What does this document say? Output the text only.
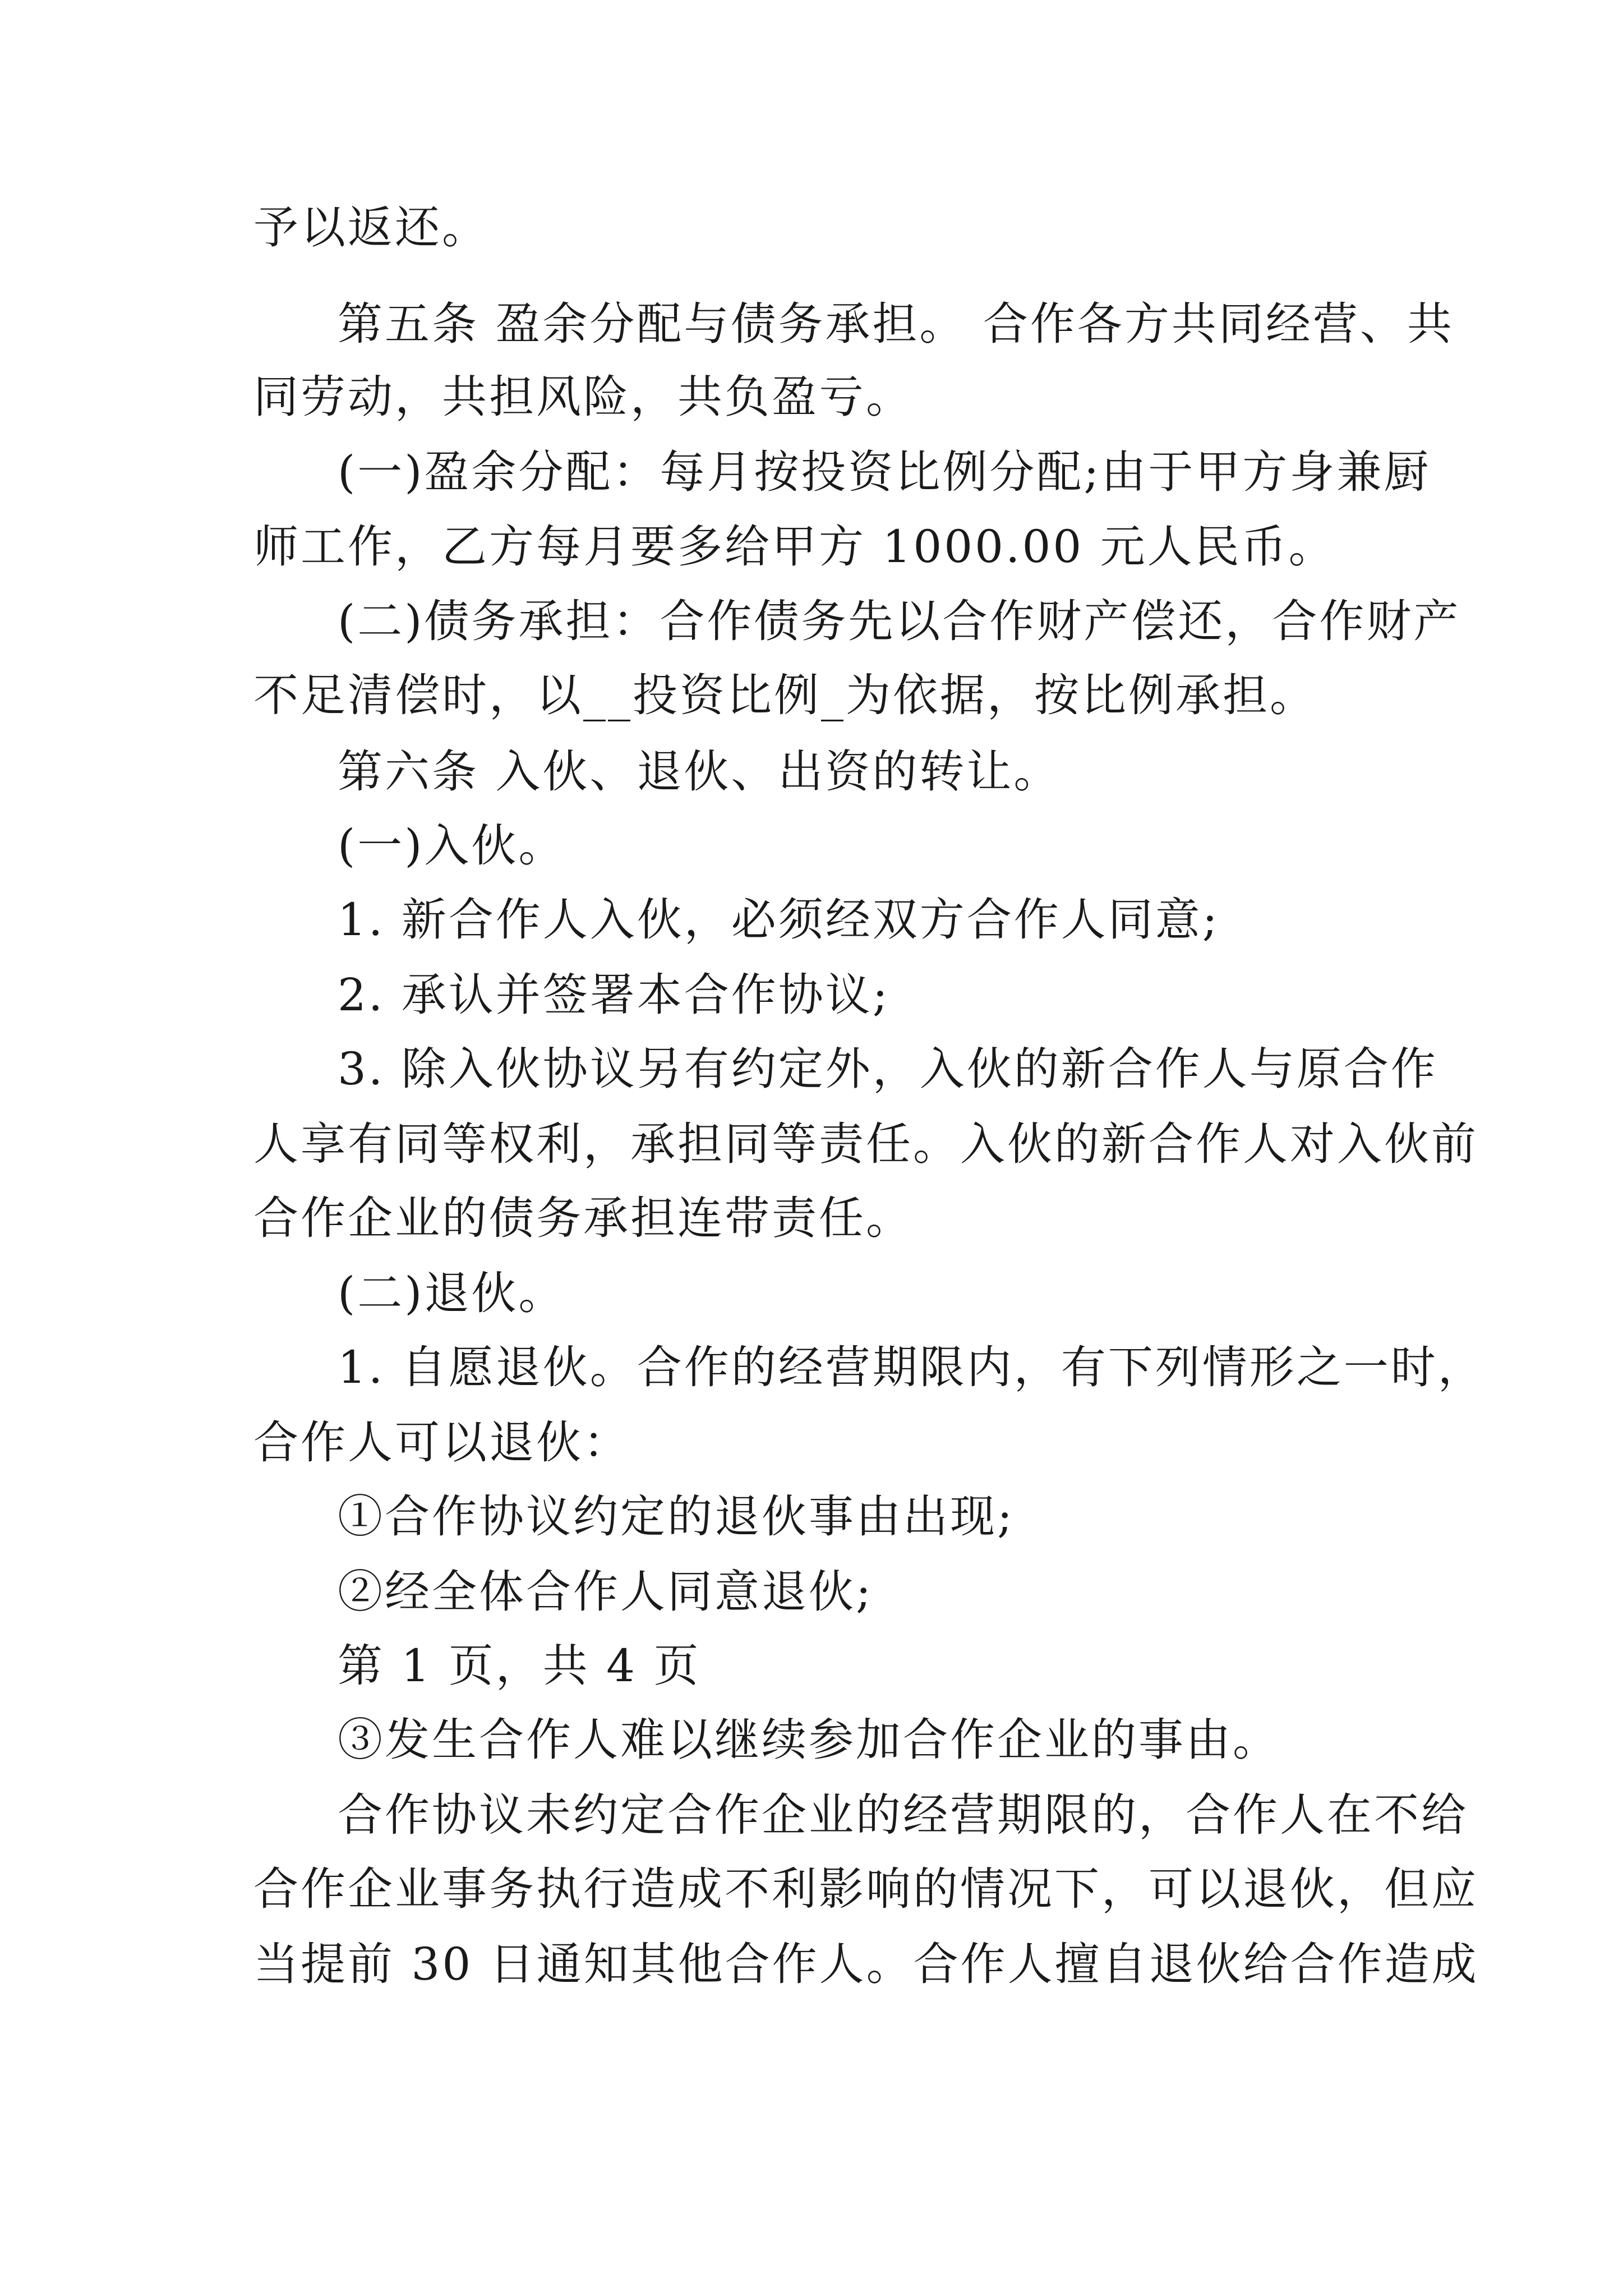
予以返还。
第五条 盈余分配与债务承担。 合作各方共同经营、共
同劳动，共担风险，共负盈亏。
(一)盈余分配：每月按投资比例分配;由于甲方身兼厨
师工作，乙方每月要多给甲方 1000.00 元人民币。
(二)债务承担：合作债务先以合作财产偿还，合作财产
不足清偿时，以__投资比例_为依据，按比例承担。
第六条 入伙、退伙、出资的转让。
(一)入伙。
1. 新合作人入伙，必须经双方合作人同意;
2. 承认并签署本合作协议;
3. 除入伙协议另有约定外，入伙的新合作人与原合作
人享有同等权利，承担同等责任。入伙的新合作人对入伙前
合作企业的债务承担连带责任。
(二)退伙。
1. 自愿退伙。合作的经营期限内，有下列情形之一时，
合作人可以退伙：
①合作协议约定的退伙事由出现;
②经全体合作人同意退伙;
第 1 页，共 4 页
③发生合作人难以继续参加合作企业的事由。
合作协议未约定合作企业的经营期限的，合作人在不给
合作企业事务执行造成不利影响的情况下，可以退伙，但应
当提前 30 日通知其他合作人。合作人擅自退伙给合作造成
